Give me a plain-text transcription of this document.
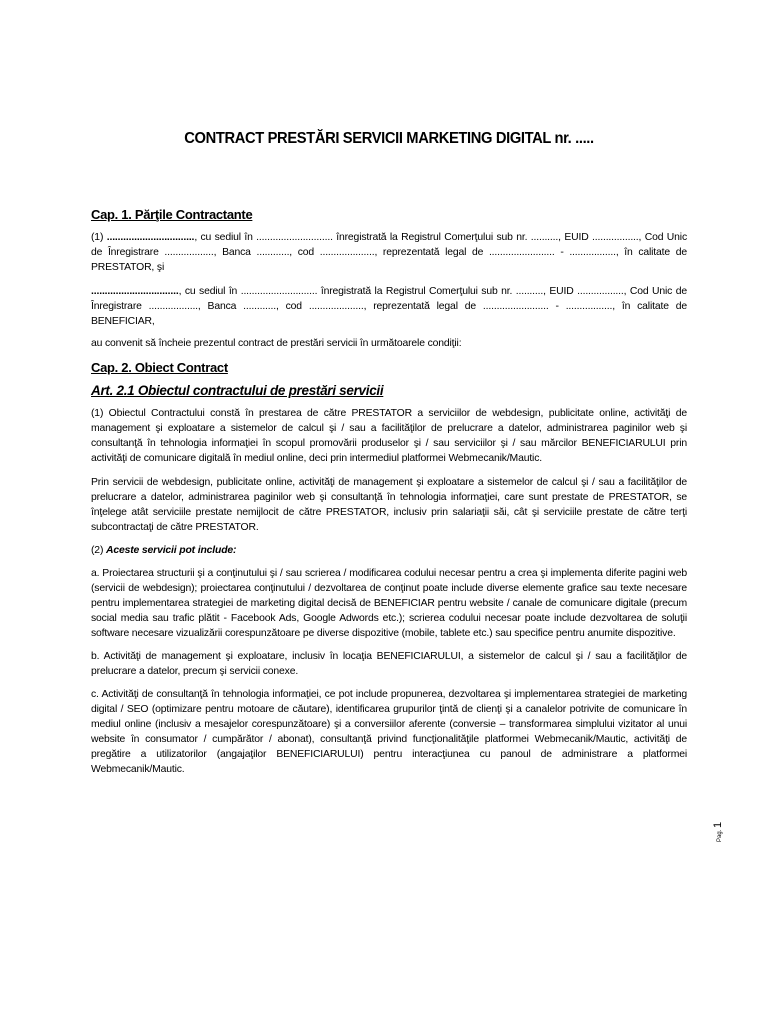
CONTRACT PRESTĂRI SERVICII MARKETING DIGITAL nr. .....
Cap. 1. Părţile Contractante

(1) ................................, cu sediul în ............................ înregistrată la Registrul Comerţului sub nr. .........., EUID ................., Cod Unic de Înregistrare .................., Banca ............, cod ...................., reprezentată legal de ........................ - ................., în calitate de PRESTATOR, şi

................................, cu sediul în ............................ înregistrată la Registrul Comerţului sub nr. .........., EUID ................., Cod Unic de Înregistrare .................., Banca ............, cod ...................., reprezentată legal de ........................ - ................., în calitate de BENEFICIAR,

au convenit să încheie prezentul contract de prestări servicii în următoarele condiţii:

Cap. 2. Obiect Contract
Art. 2.1 Obiectul contractului de prestări servicii

(1) Obiectul Contractului constă în prestarea de către PRESTATOR a serviciilor de webdesign, publicitate online, activităţi de management şi exploatare a sistemelor de calcul şi / sau a facilităţilor de prelucrare a datelor, administrarea paginilor web şi consultanţă în tehnologia informaţiei în scopul promovării produselor şi / sau serviciilor şi / sau mărcilor BENEFICIARULUI prin activităţi de comunicare digitală în mediul online, deci prin intermediul platformei Webmecanik/Mautic.

Prin servicii de webdesign, publicitate online, activităţi de management şi exploatare a sistemelor de calcul şi / sau a facilităţilor de prelucrare a datelor, administrarea paginilor web şi consultanţă în tehnologia informaţiei, care sunt prestate de PRESTATOR, se înţelege atât serviciile prestate nemijlocit de către PRESTATOR, inclusiv prin salariaţii săi, cât şi serviciile prestate de către terţi subcontractaţi de către PRESTATOR.

(2) Aceste servicii pot include:

a. Proiectarea structurii şi a conţinutului şi / sau scrierea / modificarea codului necesar pentru a crea şi implementa diferite pagini web (servicii de webdesign); proiectarea conţinutului / dezvoltarea de conţinut poate include diverse elemente grafice sau texte necesare pentru implementarea strategiei de marketing digital decisă de BENEFICIAR pentru website / canale de comunicare digitale (precum social media sau trafic plătit - Facebook Ads, Google Adwords etc.); scrierea codului necesar poate include dezvoltarea de soluţii software necesare vizualizării corespunzătoare pe diverse dispozitive (mobile, tablete etc.) sau specifice pentru anumite dispozitive.

b. Activităţi de management şi exploatare, inclusiv în locaţia BENEFICIARULUI, a sistemelor de calcul şi / sau a facilităţilor de prelucrare a datelor, precum şi servicii conexe.

c. Activităţi de consultanţă în tehnologia informaţiei, ce pot include propunerea, dezvoltarea şi implementarea strategiei de marketing digital / SEO (optimizare pentru motoare de căutare), identificarea grupurilor ţintă de clienţi şi a canalelor potrivite de comunicare în mediul online (inclusiv a mesajelor corespunzătoare) şi a conversiilor aferente (conversie – transformarea simplului vizitator al unui website în consumator / cumpărător / abonat), consultanţă privind funcţionalităţile platformei Webmecanik/Mautic, activităţi de pregătire a utilizatorilor (angajaţilor BENEFICIARULUI) pentru interacţiunea cu panoul de administrare a platformei Webmecanik/Mautic.

Pag. 1
